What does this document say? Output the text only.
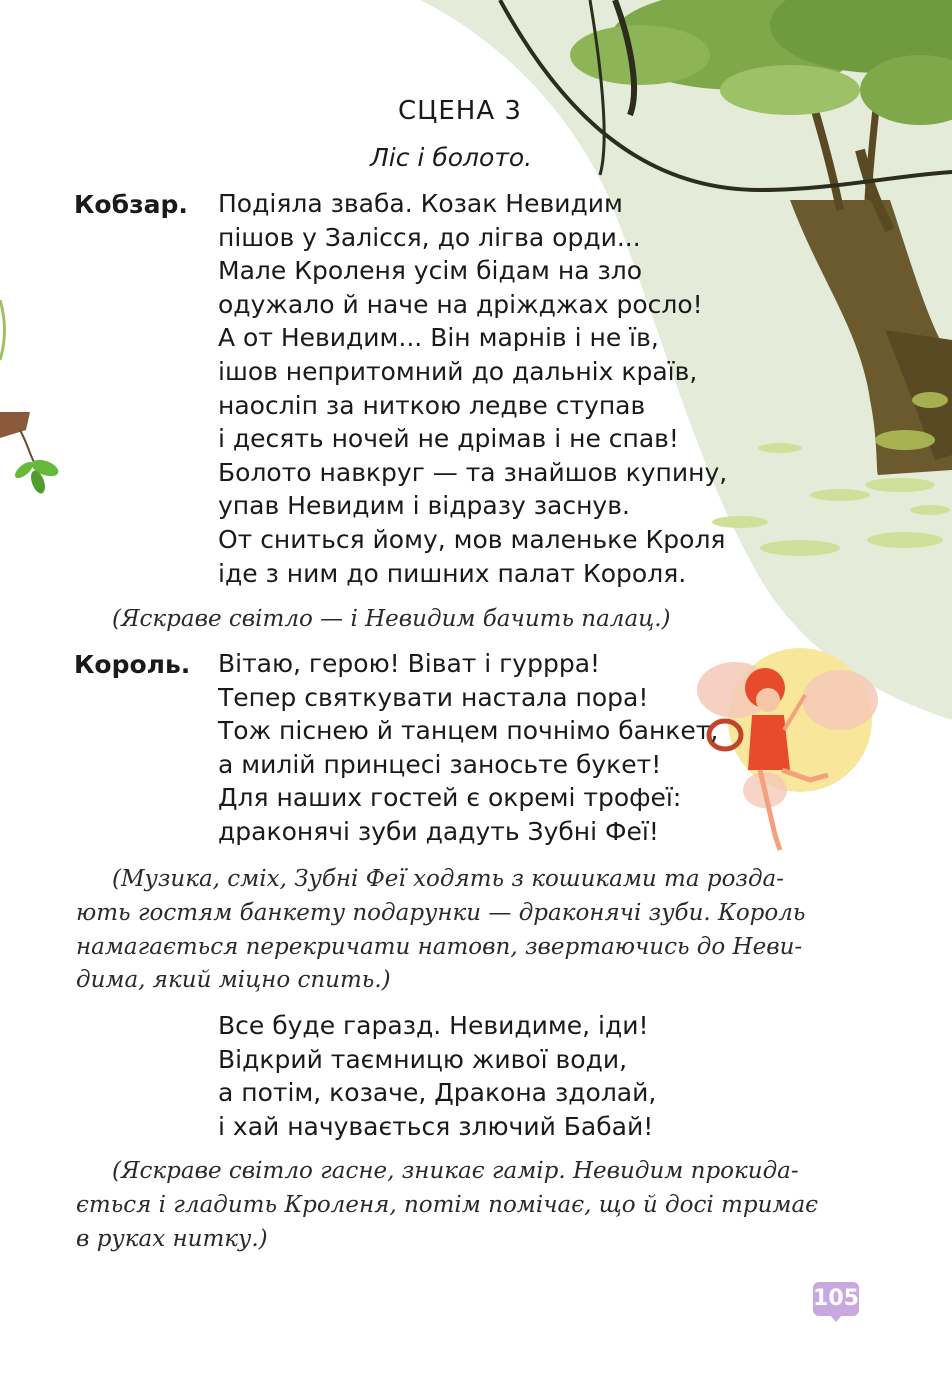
СЦЕНА 3
Ліс і болото.
Кобзар. Подіяла зваба. Козак Невидим
пішов у Залісся, до лігва орди...
Мале Кроленя усім бідам на зло
одужало й наче на дріжджах росло!
А от Невидим... Він марнів і не їв,
ішов непритомний до дальніх країв,
наосліп за ниткою ледве ступав
і десять ночей не дрімав і не спав!
Болото навкруг — та знайшов купину,
упав Невидим і відразу заснув.
От сниться йому, мов маленьке Кроля
іде з ним до пишних палат Короля.
(Яскраве світло — і Невидим бачить палац.)
Король. Вітаю, герою! Віват і гуррра!
Тепер святкувати настала пора!
Тож піснею й танцем почнімо банкет,
а милій принцесі заносьте букет!
Для наших гостей є окремі трофеї:
драконячі зуби дадуть Зубні Феї!
(Музика, сміх, Зубні Феї ходять з кошиками та розда-
ють гостям банкету подарунки — драконячі зуби. Король
намагається перекричати натовп, звертаючись до Неви-
дима, який міцно спить.)
Все буде гаразд. Невидиме, іди!
Відкрий таємницю живої води,
а потім, козаче, Дракона здолай,
і хай начувається злючий Бабай!
(Яскраве світло гасне, зникає гамір. Невидим прокида-
ється і гладить Кроленя, потім помічає, що й досі тримає
в руках нитку.)
105
